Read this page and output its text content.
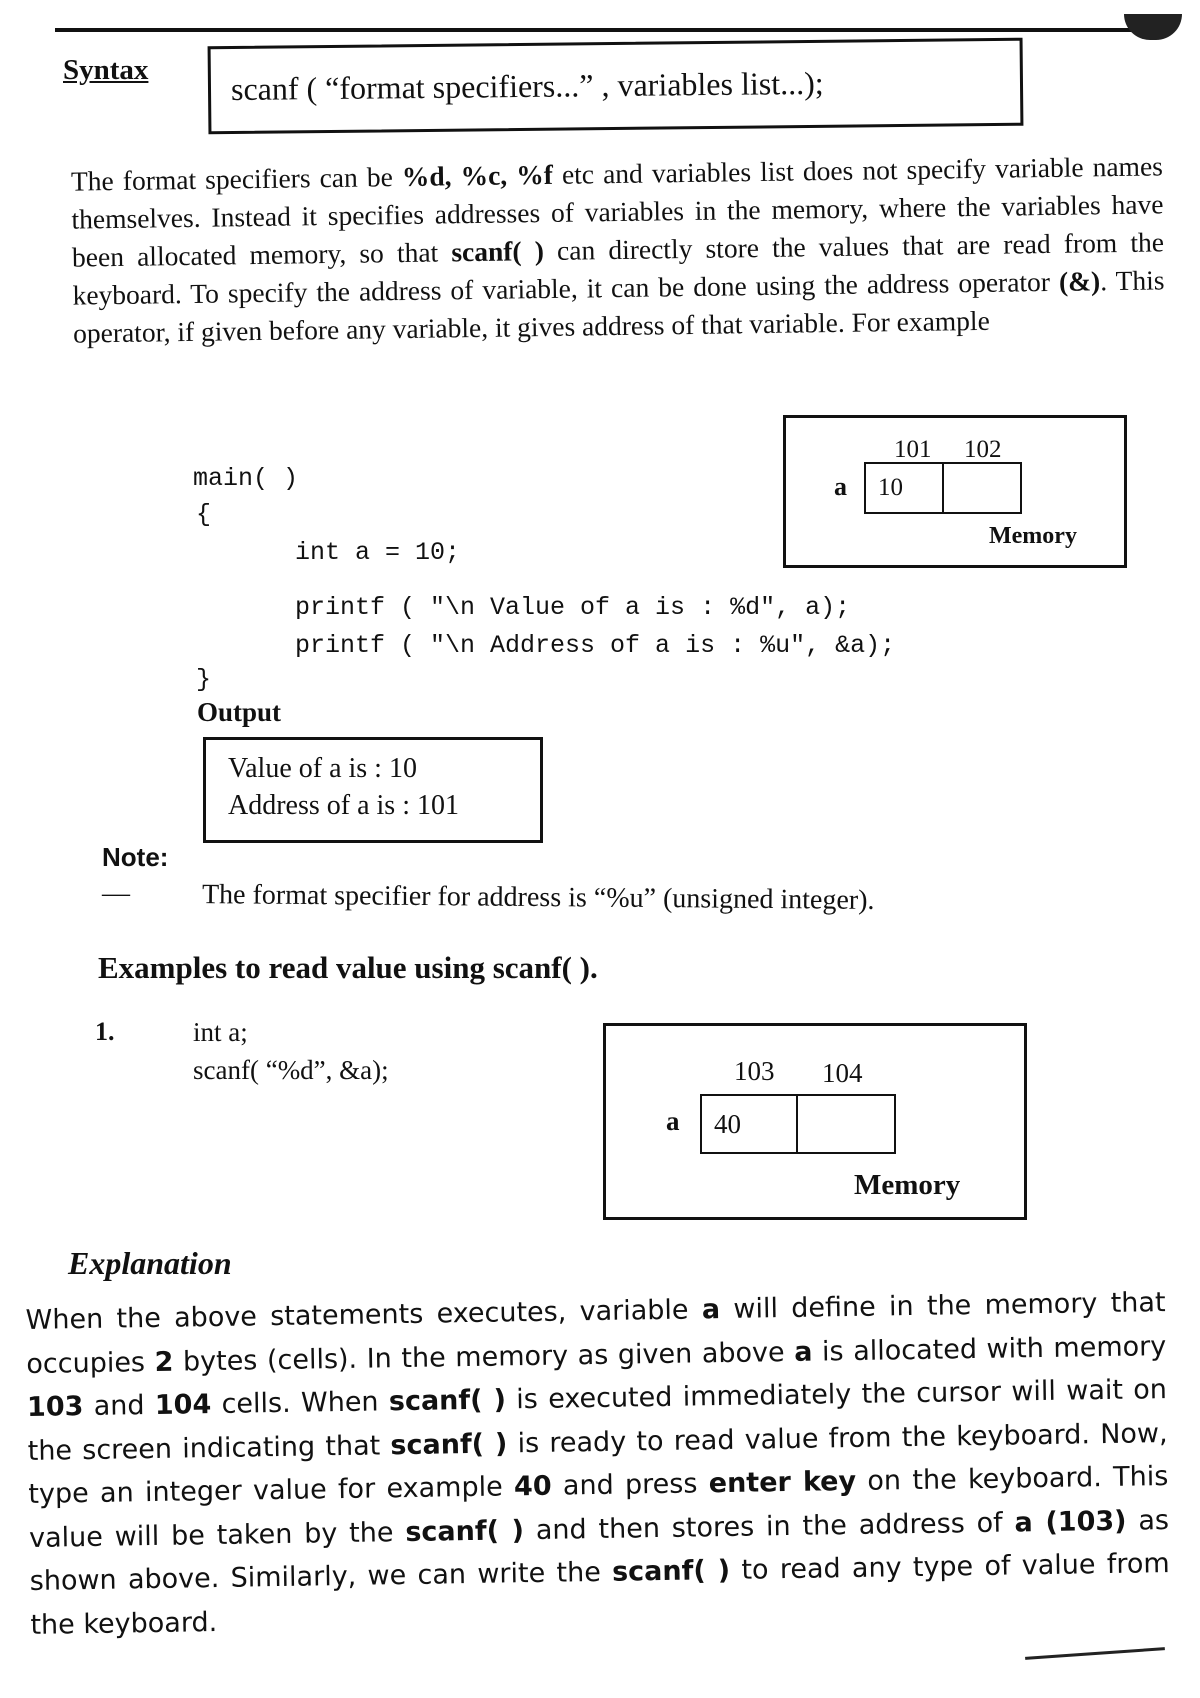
Syntax	scanf ( “format specifiers...” , variables list...);
The format specifiers can be %d, %c, %f etc and variables list does not specify variable names themselves. Instead it specifies addresses of variables in the memory, where the variables have been allocated memory, so that scanf( ) can directly store the values that are read from the keyboard. To specify the address of variable, it can be done using the address operator (&). This operator, if given before any variable, it gives address of that variable. For example
main( )
{
int a = 10;
printf ( "\n Value of a is : %d", a);
printf ( "\n Address of a is : %u", &a);
}
101 102
a	10
Memory
Output
Value of a is : 10
Address of a is : 101
Note:
—	The format specifier for address is “%u” (unsigned integer).
Examples to read value using scanf( ).
1.	int a;
scanf( “%d”, &a);	103 104
a	40
Memory
Explanation
When the above statements executes, variable a will define in the memory that occupies 2 bytes (cells). In the memory as given above a is allocated with memory 103 and 104 cells. When scanf( ) is executed immediately the cursor will wait on the screen indicating that scanf( ) is ready to read value from the keyboard. Now, type an integer value for example 40 and press enter key on the keyboard. This value will be taken by the scanf( ) and then stores in the address of a (103) as shown above. Similarly, we can write the scanf( ) to read any type of value from the keyboard.
